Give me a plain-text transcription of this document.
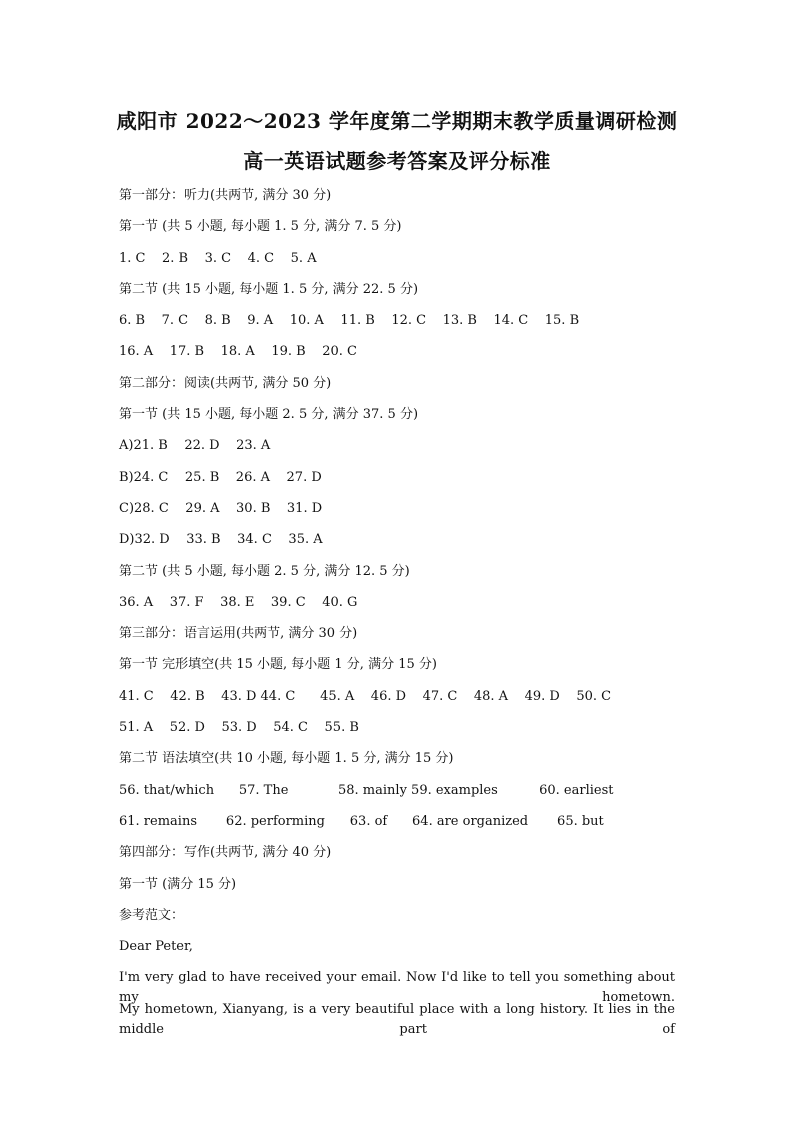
咸阳市 2022～2023 学年度第二学期期末教学质量调研检测
高一英语试题参考答案及评分标准
第一部分：听力(共两节, 满分 30 分)
第一节 (共 5 小题, 每小题 1. 5 分, 满分 7. 5 分)
1. C    2. B    3. C    4. C    5. A
第二节 (共 15 小题, 每小题 1. 5 分, 满分 22. 5 分)
6. B    7. C    8. B    9. A    10. A    11. B    12. C    13. B    14. C    15. B
16. A    17. B    18. A    19. B    20. C
第二部分：阅读(共两节, 满分 50 分)
第一节 (共 15 小题, 每小题 2. 5 分, 满分 37. 5 分)
A)21. B    22. D    23. A
B)24. C    25. B    26. A    27. D
C)28. C    29. A    30. B    31. D
D)32. D    33. B    34. C    35. A
第二节 (共 5 小题, 每小题 2. 5 分, 满分 12. 5 分)
36. A    37. F    38. E    39. C    40. G
第三部分：语言运用(共两节, 满分 30 分)
第一节 完形填空(共 15 小题, 每小题 1 分, 满分 15 分)
41. C    42. B    43. D 44. C      45. A    46. D    47. C    48. A    49. D    50. C
51. A    52. D    53. D    54. C    55. B
第二节 语法填空(共 10 小题, 每小题 1. 5 分, 满分 15 分)
56. that/which      57. The            58. mainly 59. examples          60. earliest
61. remains       62. performing      63. of      64. are organized       65. but
第四部分：写作(共两节, 满分 40 分)
第一节 (满分 15 分)
参考范文：
Dear Peter,
I'm very glad to have received your email. Now I'd like to tell you something about my hometown.
My hometown, Xianyang, is a very beautiful place with a long history. It lies in the middle part of
